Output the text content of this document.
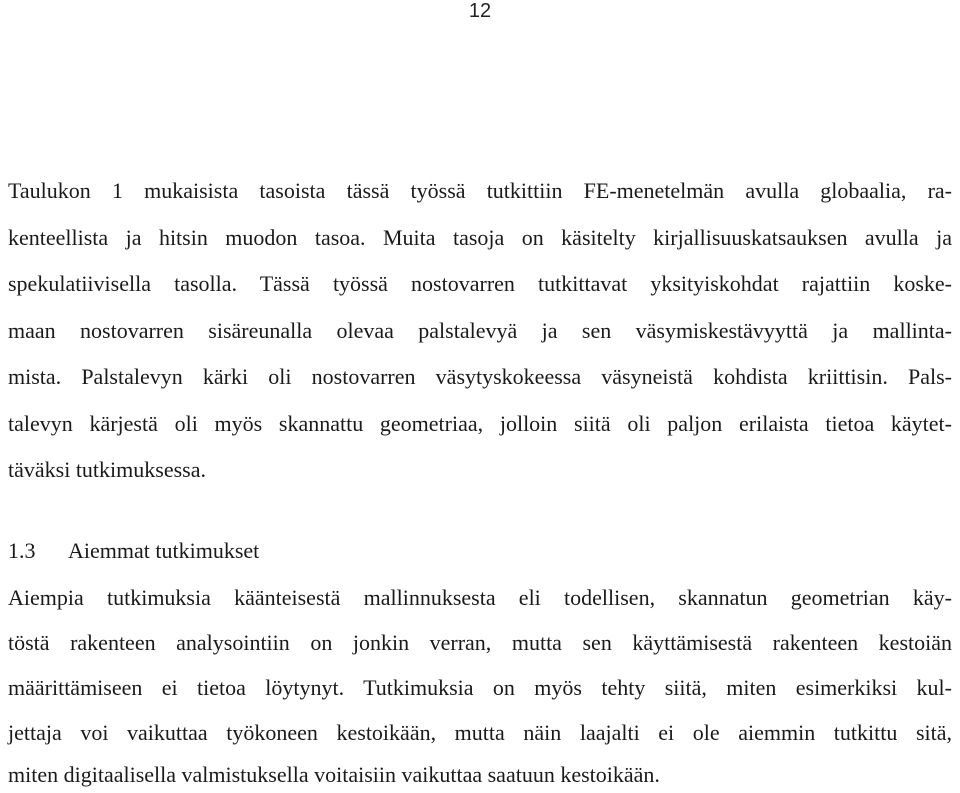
12
Taulukon 1 mukaisista tasoista tässä työssä tutkittiin FE-menetelmän avulla globaalia, ra-
kenteellista ja hitsin muodon tasoa. Muita tasoja on käsitelty kirjallisuuskatsauksen avulla ja
spekulatiivisella tasolla. Tässä työssä nostovarren tutkittavat yksityiskohdat rajattiin koske-
maan nostovarren sisäreunalla olevaa palstalevyä ja sen väsymiskestävyyttä ja mallinta-
mista. Palstalevyn kärki oli nostovarren väsytyskokeessa väsyneistä kohdista kriittisin. Pals-
talevyn kärjestä oli myös skannattu geometriaa, jolloin siitä oli paljon erilaista tietoa käytet-
täväksi tutkimuksessa.
1.3 Aiemmat tutkimukset
Aiempia tutkimuksia käänteisestä mallinnuksesta eli todellisen, skannatun geometrian käy-
töstä rakenteen analysointiin on jonkin verran, mutta sen käyttämisestä rakenteen kestoiän
määrittämiseen ei tietoa löytynyt. Tutkimuksia on myös tehty siitä, miten esimerkiksi kul-
jettaja voi vaikuttaa työkoneen kestoikään, mutta näin laajalti ei ole aiemmin tutkittu sitä,
miten digitaalisella valmistuksella voitaisiin vaikuttaa saatuun kestoikään.
